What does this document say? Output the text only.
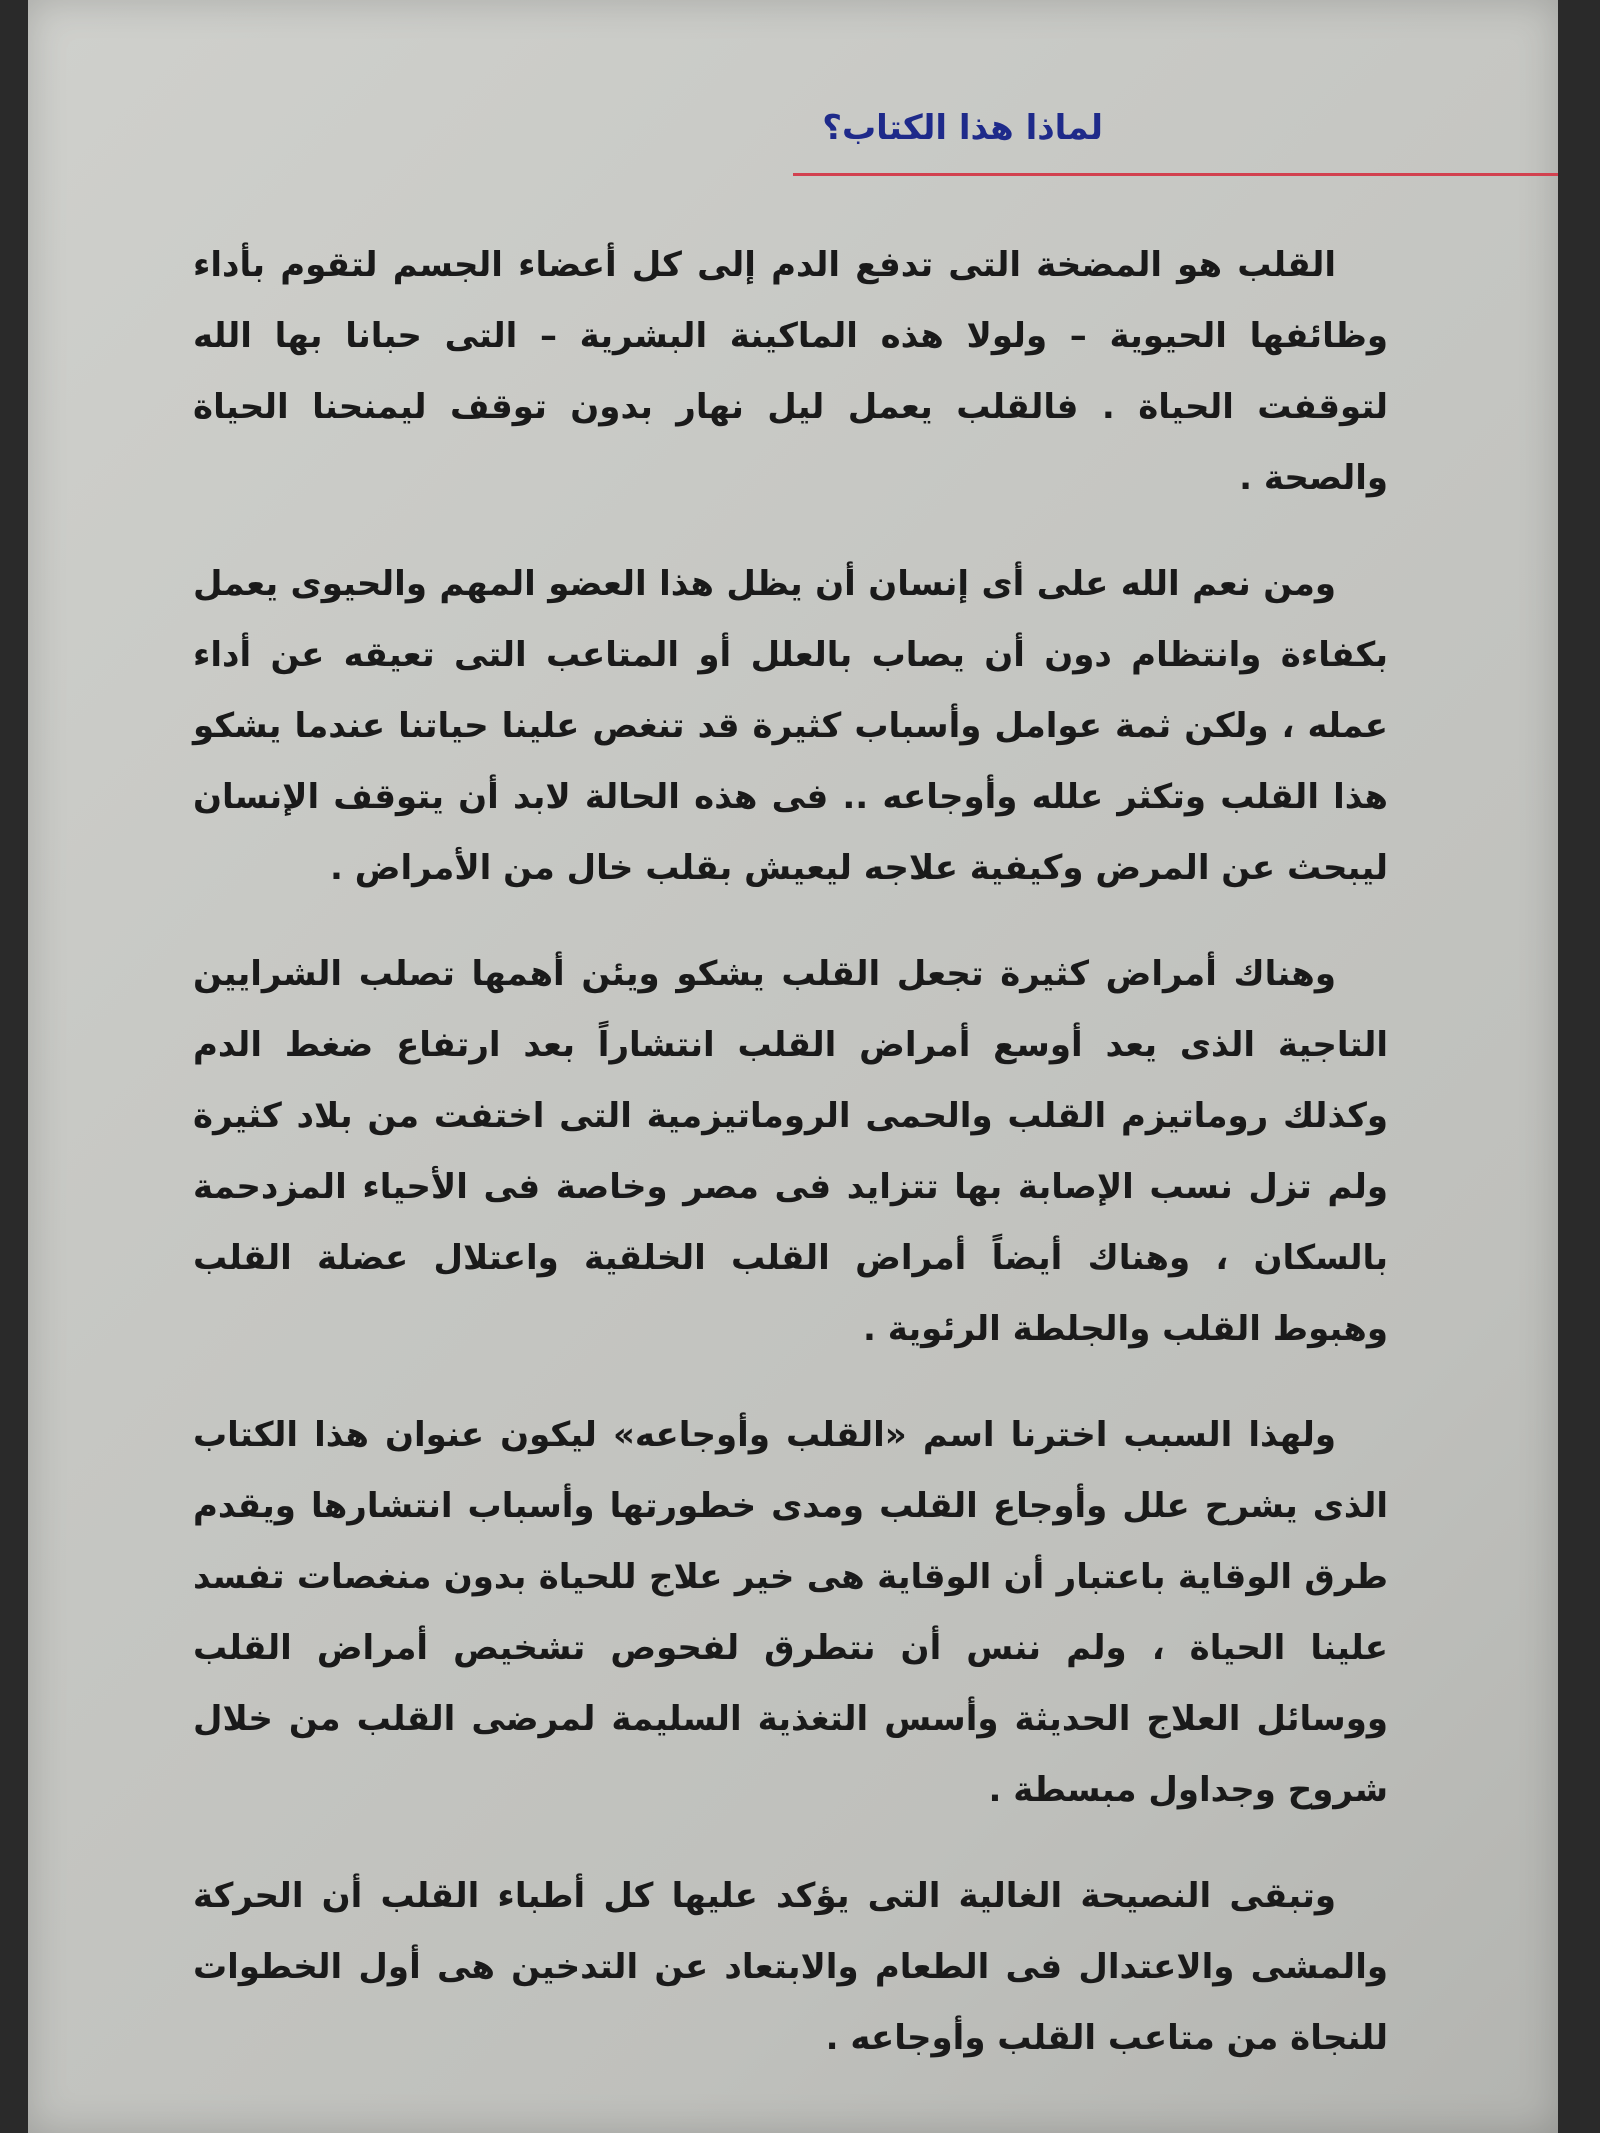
لماذا هذا الكتاب؟

القلب هو المضخة التى تدفع الدم إلى كل أعضاء الجسم لتقوم بأداء وظائفها الحيوية – ولولا هذه الماكينة البشرية – التى حبانا بها الله لتوقفت الحياة . فالقلب يعمل ليل نهار بدون توقف ليمنحنا الحياة والصحة .

ومن نعم الله على أى إنسان أن يظل هذا العضو المهم والحيوى يعمل بكفاءة وانتظام دون أن يصاب بالعلل أو المتاعب التى تعيقه عن أداء عمله ، ولكن ثمة عوامل وأسباب كثيرة قد تنغص علينا حياتنا عندما يشكو هذا القلب وتكثر علله وأوجاعه .. فى هذه الحالة لابد أن يتوقف الإنسان ليبحث عن المرض وكيفية علاجه ليعيش بقلب خال من الأمراض .

وهناك أمراض كثيرة تجعل القلب يشكو ويئن أهمها تصلب الشرايين التاجية الذى يعد أوسع أمراض القلب انتشاراً بعد ارتفاع ضغط الدم وكذلك روماتيزم القلب والحمى الروماتيزمية التى اختفت من بلاد كثيرة ولم تزل نسب الإصابة بها تتزايد فى مصر وخاصة فى الأحياء المزدحمة بالسكان ، وهناك أيضاً أمراض القلب الخلقية واعتلال عضلة القلب وهبوط القلب والجلطة الرئوية .

ولهذا السبب اخترنا اسم «القلب وأوجاعه» ليكون عنوان هذا الكتاب الذى يشرح علل وأوجاع القلب ومدى خطورتها وأسباب انتشارها ويقدم طرق الوقاية باعتبار أن الوقاية هى خير علاج للحياة بدون منغصات تفسد علينا الحياة ، ولم ننس أن نتطرق لفحوص تشخيص أمراض القلب ووسائل العلاج الحديثة وأسس التغذية السليمة لمرضى القلب من خلال شروح وجداول مبسطة .

وتبقى النصيحة الغالية التى يؤكد عليها كل أطباء القلب أن الحركة والمشى والاعتدال فى الطعام والابتعاد عن التدخين هى أول الخطوات للنجاة من متاعب القلب وأوجاعه .
